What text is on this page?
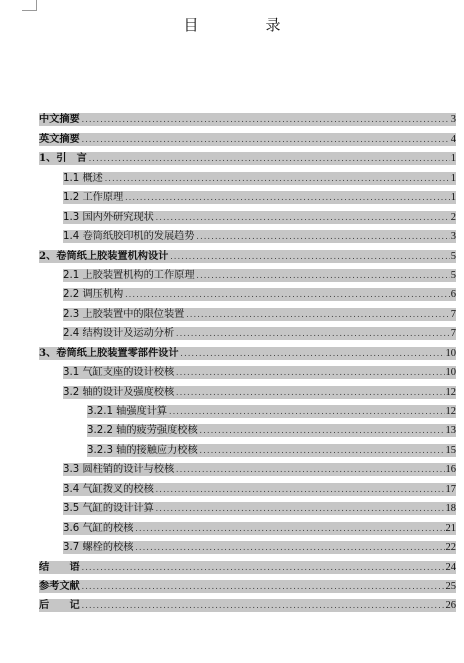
目　录
中文摘要 .....	3
英文摘要 .....	4
1、引　言 .....	1
1.1 概述 .....	1
1.2 工作原理 .....	1
1.3 国内外研究现状 .....	2
1.4 卷筒纸胶印机的发展趋势 .....	3
2、卷筒纸上胶装置机构设计 .....	5
2.1 上胶装置机构的工作原理 .....	5
2.2 调压机构 .....	6
2.3 上胶装置中的限位装置 .....	7
2.4 结构设计及运动分析 .....	7
3、卷筒纸上胶装置零部件设计 .....	10
3.1 气缸支座的设计校核 .....	10
3.2 轴的设计及强度校核 .....	12
3.2.1 轴强度计算 .....	12
3.2.2 轴的疲劳强度校核 .....	13
3.2.3 轴的接触应力校核 .....	15
3.3 圆柱销的设计与校核 .....	16
3.4 气缸拨叉的校核 .....	17
3.5 气缸的设计计算 .....	18
3.6 气缸的校核 .....	21
3.7 螺栓的校核 .....	22
结　　语 .....	24
参考文献 .....	25
后　　记 .....	26
